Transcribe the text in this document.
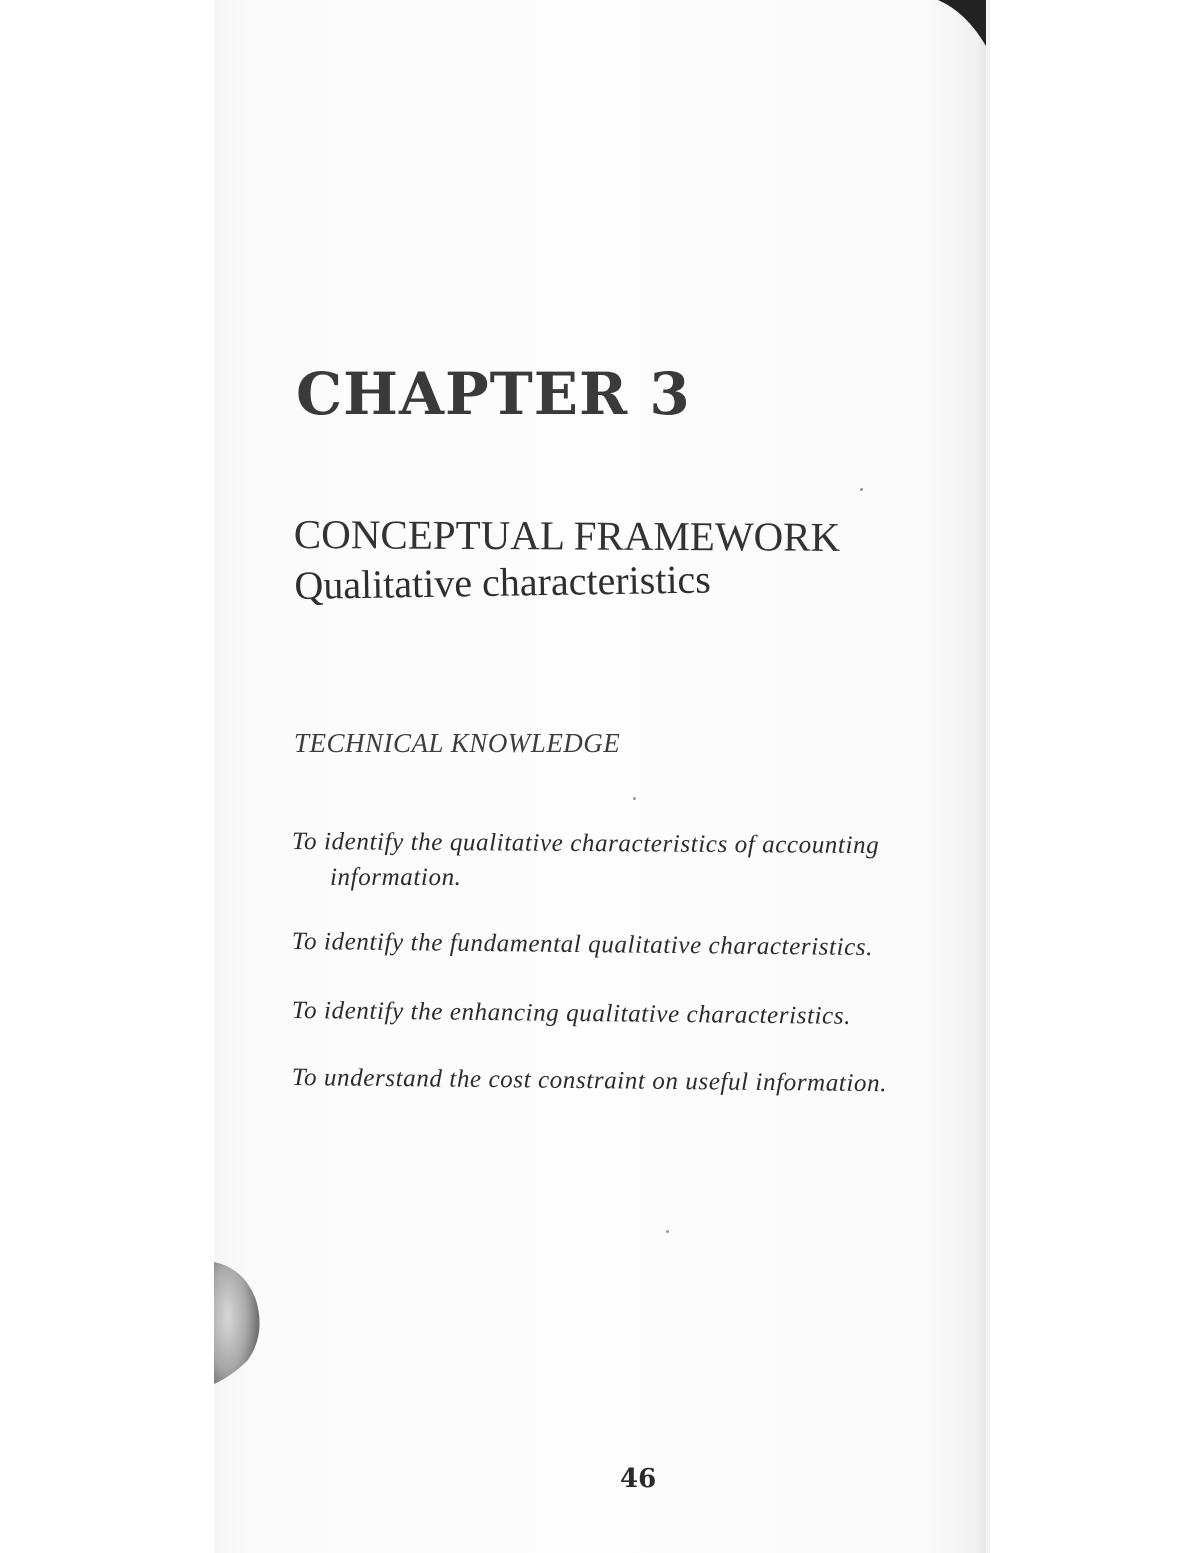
CHAPTER 3
CONCEPTUAL FRAMEWORK
Qualitative characteristics

TECHNICAL KNOWLEDGE

To identify the qualitative characteristics of accounting

information.

To identify the fundamental qualitative characteristics.

To identify the enhancing qualitative characteristics.

To understand the cost constraint on useful information.

46
